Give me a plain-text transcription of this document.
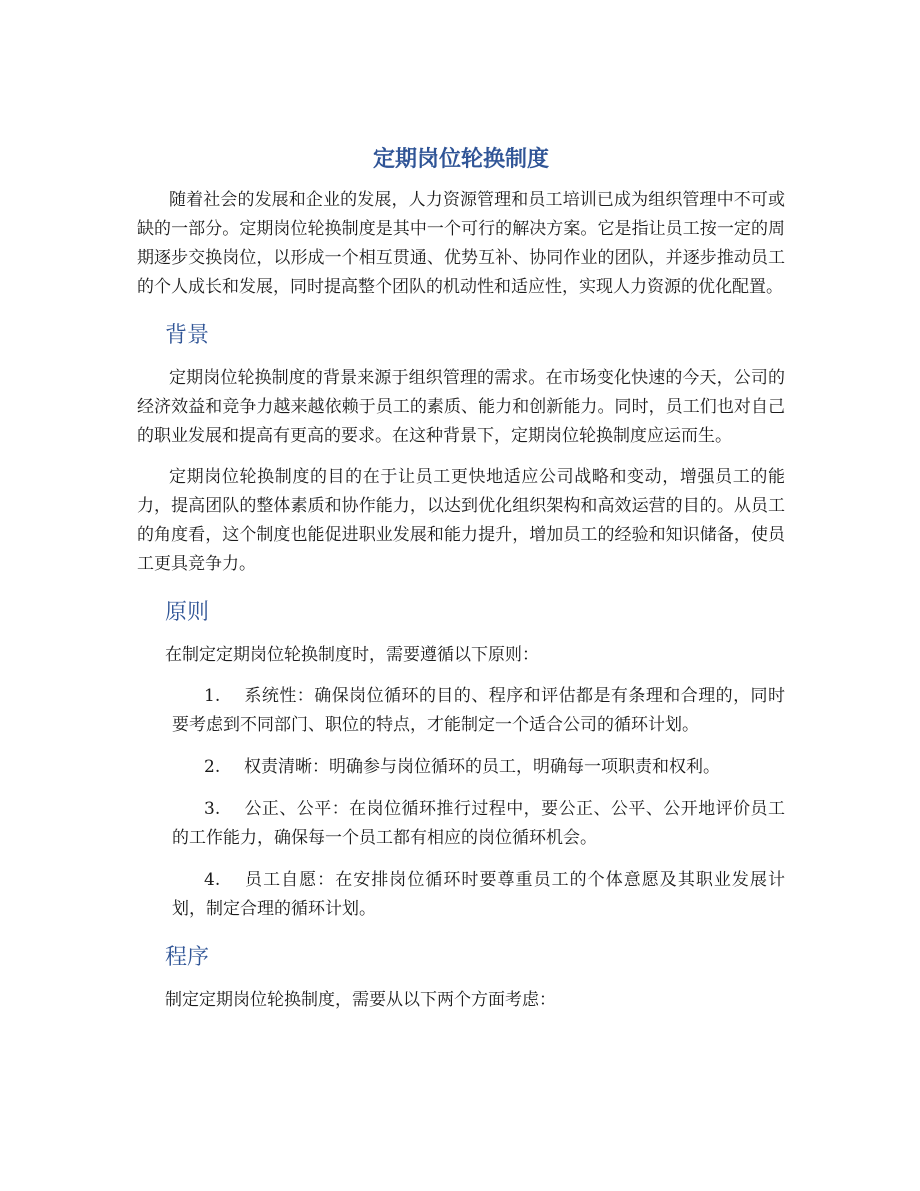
定期岗位轮换制度

随着社会的发展和企业的发展，人力资源管理和员工培训已成为组织管理中不可或缺的一部分。定期岗位轮换制度是其中一个可行的解决方案。它是指让员工按一定的周期逐步交换岗位，以形成一个相互贯通、优势互补、协同作业的团队，并逐步推动员工的个人成长和发展，同时提高整个团队的机动性和适应性，实现人力资源的优化配置。

背景

定期岗位轮换制度的背景来源于组织管理的需求。在市场变化快速的今天，公司的经济效益和竞争力越来越依赖于员工的素质、能力和创新能力。同时，员工们也对自己的职业发展和提高有更高的要求。在这种背景下，定期岗位轮换制度应运而生。

定期岗位轮换制度的目的在于让员工更快地适应公司战略和变动，增强员工的能力，提高团队的整体素质和协作能力，以达到优化组织架构和高效运营的目的。从员工的角度看，这个制度也能促进职业发展和能力提升，增加员工的经验和知识储备，使员工更具竞争力。

原则

在制定定期岗位轮换制度时，需要遵循以下原则：

1. 系统性：确保岗位循环的目的、程序和评估都是有条理和合理的，同时要考虑到不同部门、职位的特点，才能制定一个适合公司的循环计划。
2. 权责清晰：明确参与岗位循环的员工，明确每一项职责和权利。
3. 公正、公平：在岗位循环推行过程中，要公正、公平、公开地评价员工的工作能力，确保每一个员工都有相应的岗位循环机会。
4. 员工自愿：在安排岗位循环时要尊重员工的个体意愿及其职业发展计划，制定合理的循环计划。
程序

制定定期岗位轮换制度，需要从以下两个方面考虑：
